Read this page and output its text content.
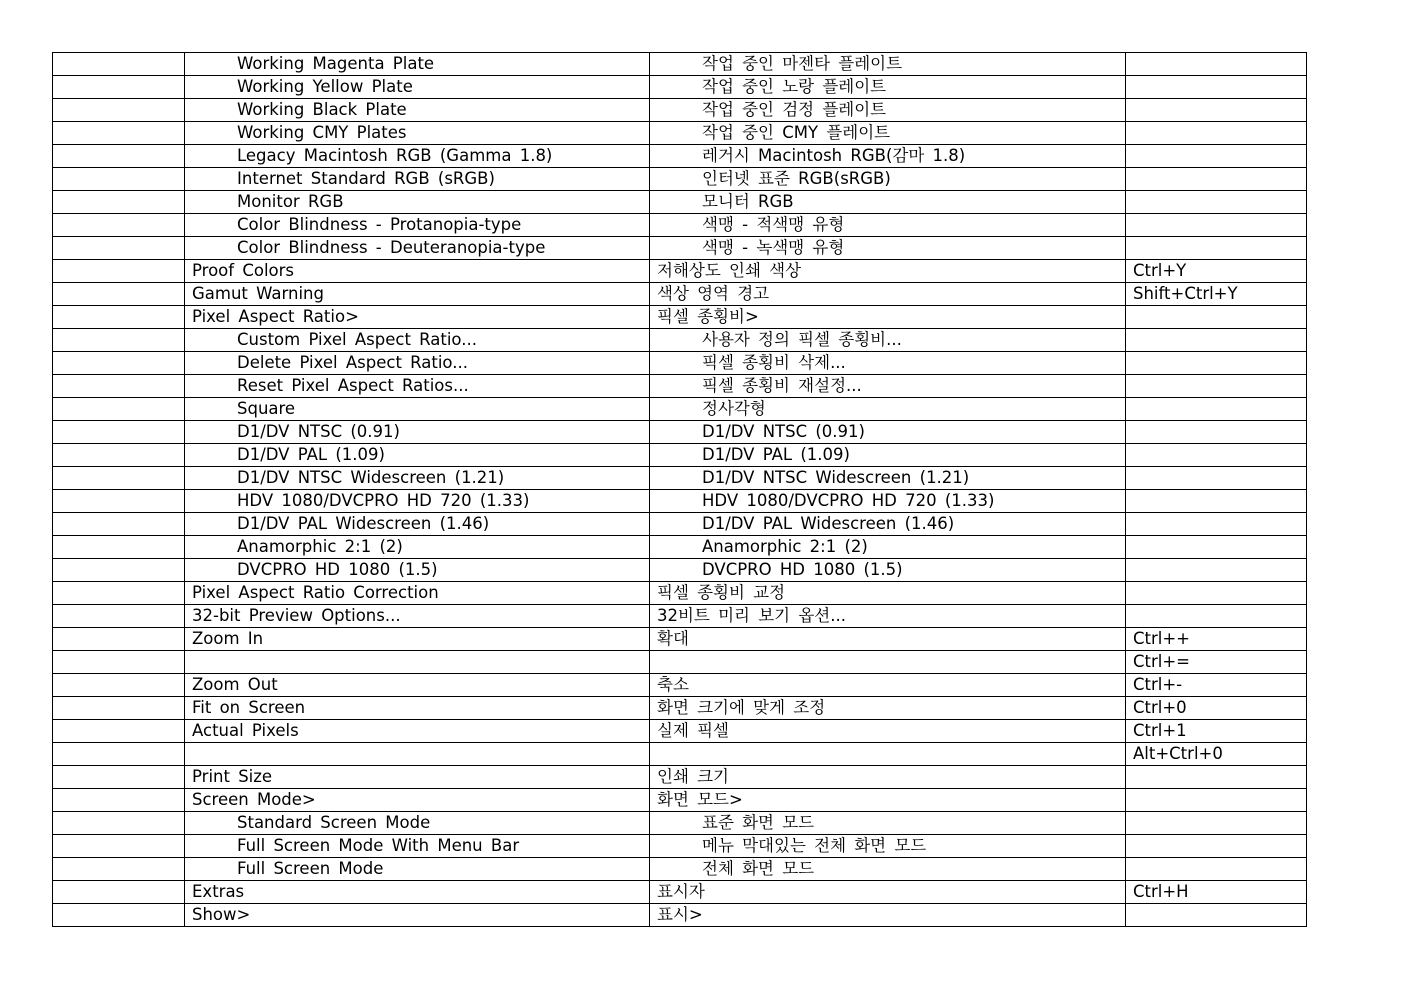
	Working Magenta Plate	작업 중인 마젠타 플레이트	
	Working Yellow Plate	작업 중인 노랑 플레이트	
	Working Black Plate	작업 중인 검정 플레이트	
	Working CMY Plates	작업 중인 CMY 플레이트	
	Legacy Macintosh RGB (Gamma 1.8)	레거시 Macintosh RGB(감마 1.8)	
	Internet Standard RGB (sRGB)	인터넷 표준 RGB(sRGB)	
	Monitor RGB	모니터 RGB	
	Color Blindness - Protanopia-type	색맹 - 적색맹 유형	
	Color Blindness - Deuteranopia-type	색맹 - 녹색맹 유형	
	Proof Colors	저해상도 인쇄 색상	Ctrl+Y
	Gamut Warning	색상 영역 경고	Shift+Ctrl+Y
	Pixel Aspect Ratio>	픽셀 종횡비>	
	Custom Pixel Aspect Ratio...	사용자 정의 픽셀 종횡비...	
	Delete Pixel Aspect Ratio...	픽셀 종횡비 삭제...	
	Reset Pixel Aspect Ratios...	픽셀 종횡비 재설정...	
	Square	정사각형	
	D1/DV NTSC (0.91)	D1/DV NTSC (0.91)	
	D1/DV PAL (1.09)	D1/DV PAL (1.09)	
	D1/DV NTSC Widescreen (1.21)	D1/DV NTSC Widescreen (1.21)	
	HDV 1080/DVCPRO HD 720 (1.33)	HDV 1080/DVCPRO HD 720 (1.33)	
	D1/DV PAL Widescreen (1.46)	D1/DV PAL Widescreen (1.46)	
	Anamorphic 2:1 (2)	Anamorphic 2:1 (2)	
	DVCPRO HD 1080 (1.5)	DVCPRO HD 1080 (1.5)	
	Pixel Aspect Ratio Correction	픽셀 종횡비 교정	
	32-bit Preview Options...	32비트 미리 보기 옵션...	
	Zoom In	확대	Ctrl++
			Ctrl+=
	Zoom Out	축소	Ctrl+-
	Fit on Screen	화면 크기에 맞게 조정	Ctrl+0
	Actual Pixels	실제 픽셀	Ctrl+1
			Alt+Ctrl+0
	Print Size	인쇄 크기	
	Screen Mode>	화면 모드>	
	Standard Screen Mode	표준 화면 모드	
	Full Screen Mode With Menu Bar	메뉴 막대있는 전체 화면 모드	
	Full Screen Mode	전체 화면 모드	
	Extras	표시자	Ctrl+H
	Show>	표시>	
